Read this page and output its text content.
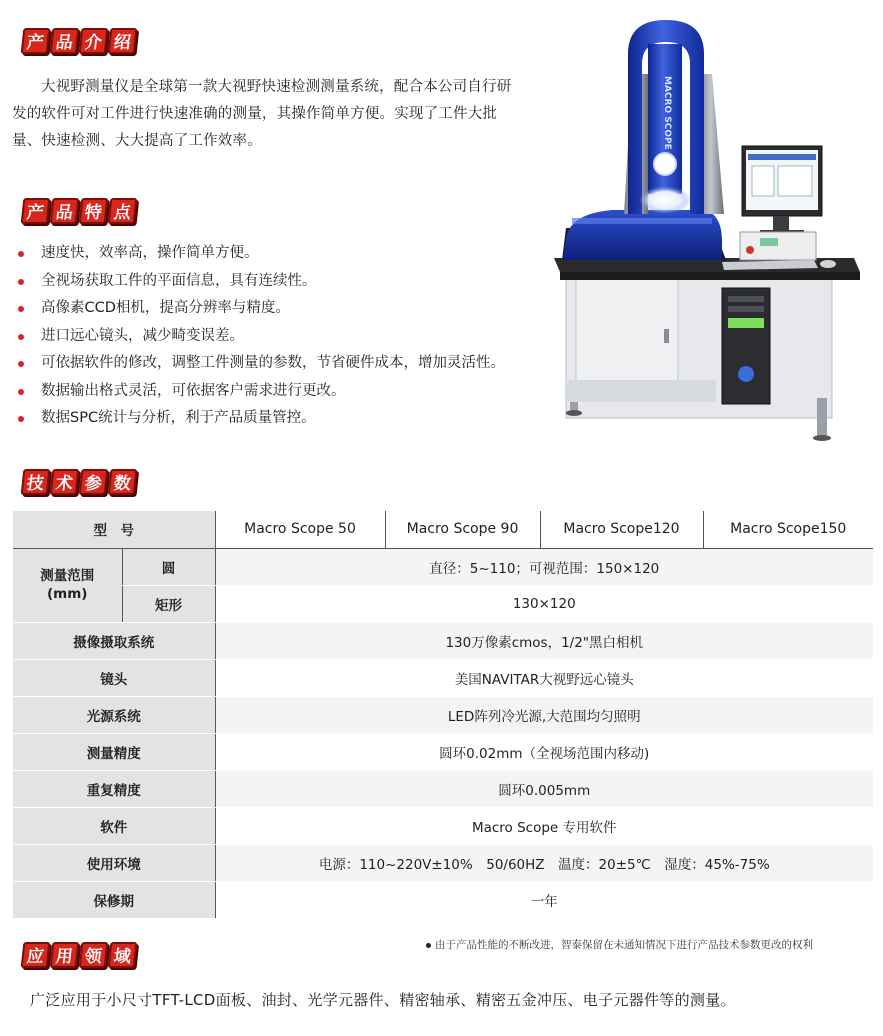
产 品 介 绍

大视野测量仪是全球第一款大视野快速检测测量系统，配合本公司自行研发的软件可对工件进行快速准确的测量，其操作简单方便。实现了工件大批量、快速检测、大大提高了工作效率。

产 品 特 点
速度快，效率高，操作简单方便。
全视场获取工件的平面信息，具有连续性。
高像素CCD相机，提高分辨率与精度。
进口远心镜头，减少畸变误差。
可依据软件的修改，调整工件测量的参数，节省硬件成本，增加灵活性。
数据输出格式灵活，可依据客户需求进行更改。
数据SPC统计与分析，利于产品质量管控。
MACRO SCOPE
技 术 参 数
型　号		Macro Scope 50	Macro Scope 90	Macro Scope120	Macro Scope150

测量范围
(mm)	圆	直径：5~110；可视范围：150×120			
	矩形	130×120			
摄像摄取系统		130万像素cmos，1/2"黑白相机			
镜头		美国NAVITAR大视野远心镜头			
光源系统		LED阵列冷光源,大范围均匀照明			
测量精度		圆环0.02mm（全视场范围内移动)			
重复精度		圆环0.005mm			
软件		Macro Scope 专用软件			
使用环境		电源：110~220V±10%　50/60HZ　温度：20±5℃　湿度：45%-75%			
保修期		一年			
由于产品性能的不断改进，智泰保留在未通知情况下进行产品技术参数更改的权利
应 用 领 域

广泛应用于小尺寸TFT-LCD面板、油封、光学元器件、精密轴承、精密五金冲压、电子元器件等的测量。
